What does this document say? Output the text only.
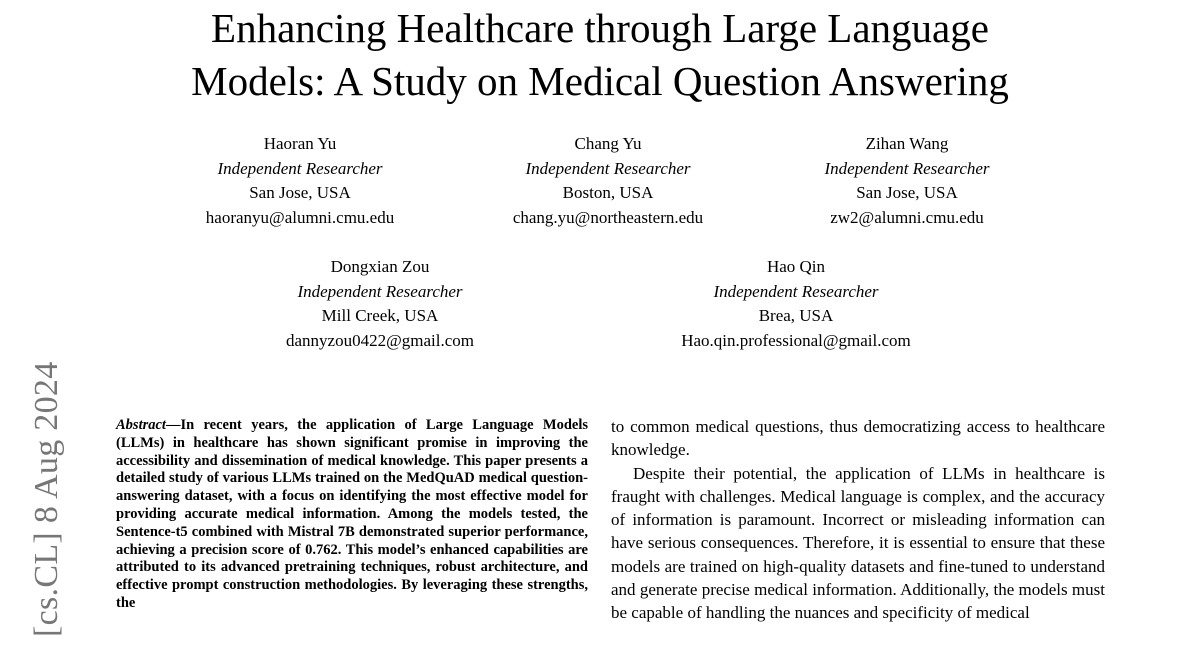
Enhancing Healthcare through Large Language
Models: A Study on Medical Question Answering
Haoran Yu
Independent Researcher
San Jose, USA
haoranyu@alumni.cmu.edu
Chang Yu
Independent Researcher
Boston, USA
chang.yu@northeastern.edu
Zihan Wang
Independent Researcher
San Jose, USA
zw2@alumni.cmu.edu
Dongxian Zou
Independent Researcher
Mill Creek, USA
dannyzou0422@gmail.com
Hao Qin
Independent Researcher
Brea, USA
Hao.qin.professional@gmail.com
[cs.CL] 8 Aug 2024	Abstract—In recent years, the application of Large Language Models (LLMs) in healthcare has shown significant promise in improving the accessibility and dissemination of medical knowledge. This paper presents a detailed study of various LLMs trained on the MedQuAD medical question-answering dataset, with a focus on identifying the most effective model for providing accurate medical information. Among the models tested, the Sentence-t5 combined with Mistral 7B demonstrated superior performance, achieving a precision score of 0.762. This model’s enhanced capabilities are attributed to its advanced pretraining techniques, robust architecture, and effective prompt construction methodologies. By leveraging these strengths, the

to common medical questions, thus democratizing access to healthcare knowledge.

Despite their potential, the application of LLMs in healthcare is fraught with challenges. Medical language is complex, and the accuracy of information is paramount. Incorrect or misleading information can have serious consequences. Therefore, it is essential to ensure that these models are trained on high-quality datasets and fine-tuned to understand and generate precise medical information. Additionally, the models must be capable of handling the nuances and specificity of medical
